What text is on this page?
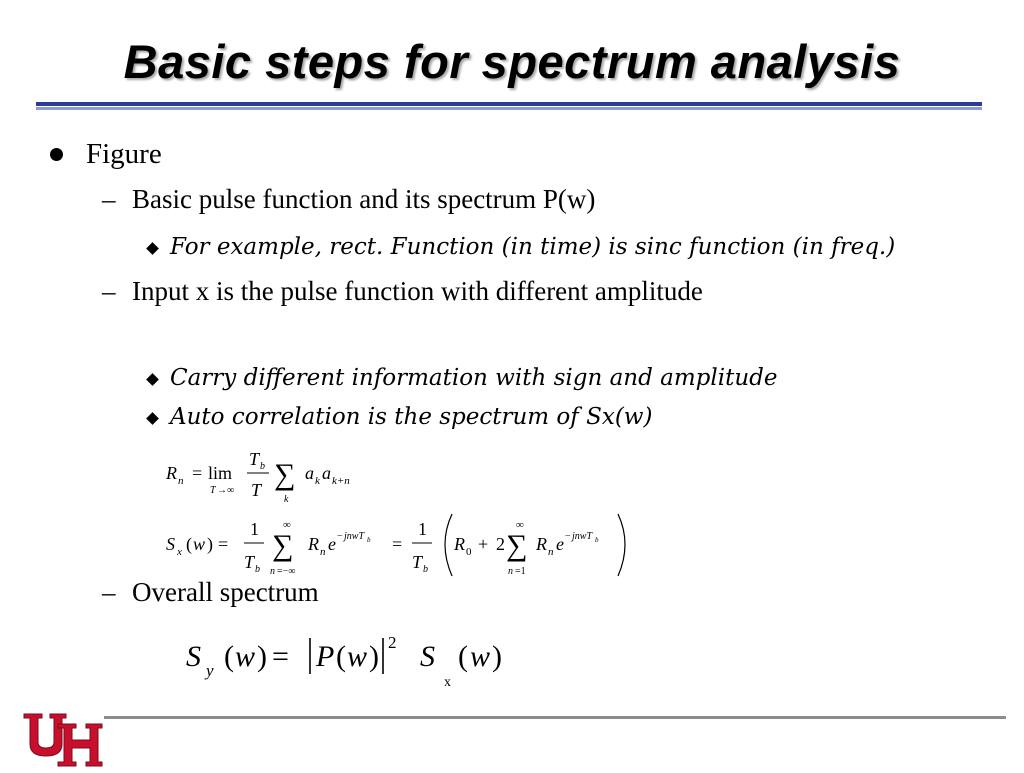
Basic steps for spectrum analysis
Figure
– Basic pulse function and its spectrum P(w)
For example, rect. Function (in time) is sinc function (in freq.)
– Input x is the pulse function with different amplitude
Carry different information with sign and amplitude
Auto correlation is the spectrum of Sx(w)
R n = lim
T →∞
T b
T ∑
k
a k a k+n
S x ( w ) =
1
T b
∞
∑
n =−∞
R n e − jnwT b =
1
T b
R 0 + 2
∞
∑
n =1
R n e − jnwT b
– Overall spectrum
S y ( w ) = P ( w ) 2 S
x
( w )
